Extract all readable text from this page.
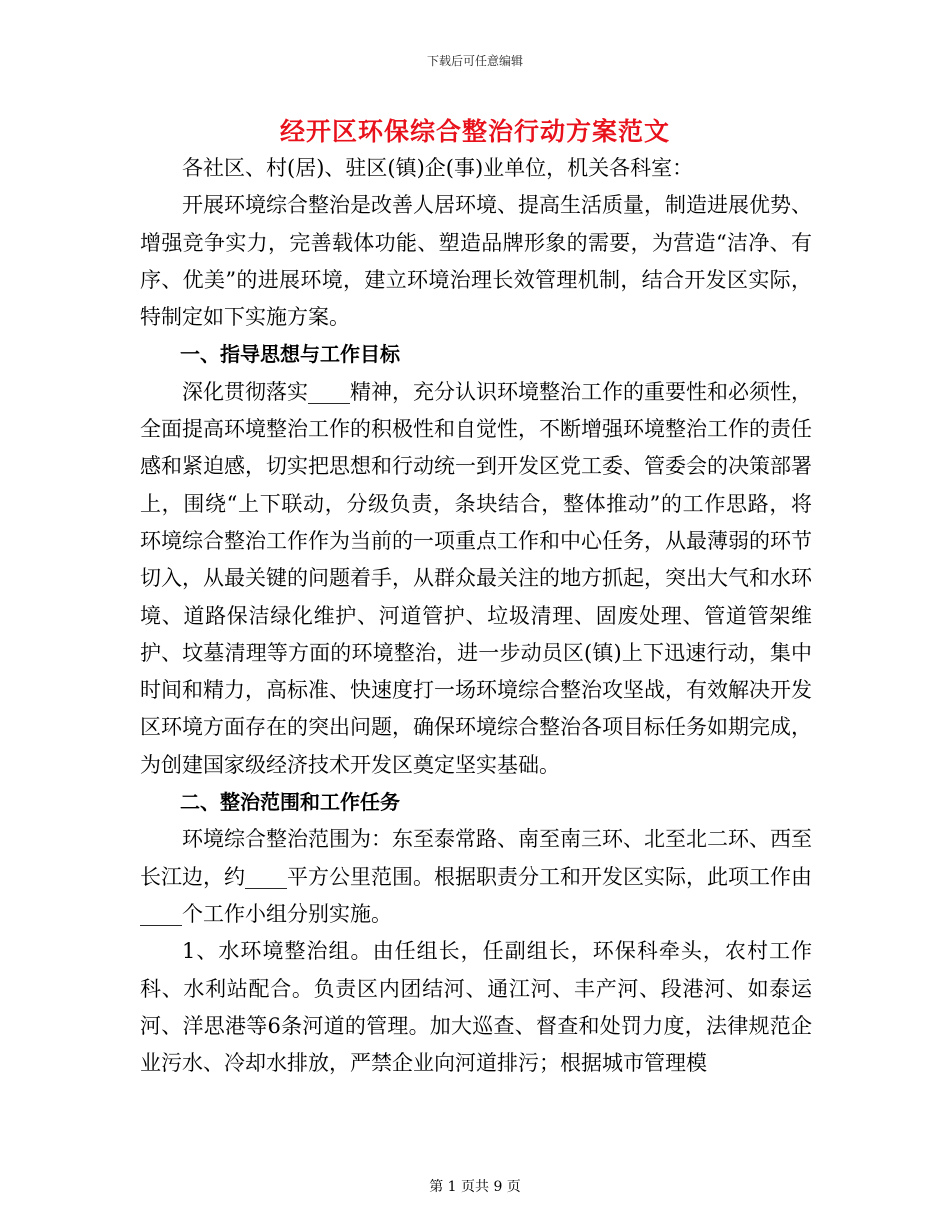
下载后可任意编辑
经开区环保综合整治行动方案范文

各社区、村(居)、驻区(镇)企(事)业单位，机关各科室：

开展环境综合整治是改善人居环境、提高生活质量，制造进展优势、增强竞争实力，完善载体功能、塑造品牌形象的需要，为营造“洁净、有序、优美”的进展环境，建立环境治理长效管理机制，结合开发区实际，特制定如下实施方案。

一、指导思想与工作目标

深化贯彻落实____精神，充分认识环境整治工作的重要性和必须性，全面提高环境整治工作的积极性和自觉性，不断增强环境整治工作的责任感和紧迫感，切实把思想和行动统一到开发区党工委、管委会的决策部署上，围绕“上下联动，分级负责，条块结合，整体推动”的工作思路，将环境综合整治工作作为当前的一项重点工作和中心任务，从最薄弱的环节切入，从最关键的问题着手，从群众最关注的地方抓起，突出大气和水环境、道路保洁绿化维护、河道管护、垃圾清理、固废处理、管道管架维护、坟墓清理等方面的环境整治，进一步动员区(镇)上下迅速行动，集中时间和精力，高标准、快速度打一场环境综合整治攻坚战，有效解决开发区环境方面存在的突出问题，确保环境综合整治各项目标任务如期完成，为创建国家级经济技术开发区奠定坚实基础。

二、整治范围和工作任务

环境综合整治范围为：东至泰常路、南至南三环、北至北二环、西至长江边，约____平方公里范围。根据职责分工和开发区实际，此项工作由____个工作小组分别实施。

1、水环境整治组。由任组长，任副组长，环保科牵头，农村工作科、水利站配合。负责区内团结河、通江河、丰产河、段港河、如泰运河、洋思港等6条河道的管理。加大巡查、督查和处罚力度，法律规范企业污水、冷却水排放，严禁企业向河道排污；根据城市管理模

第 1 页共 9 页
